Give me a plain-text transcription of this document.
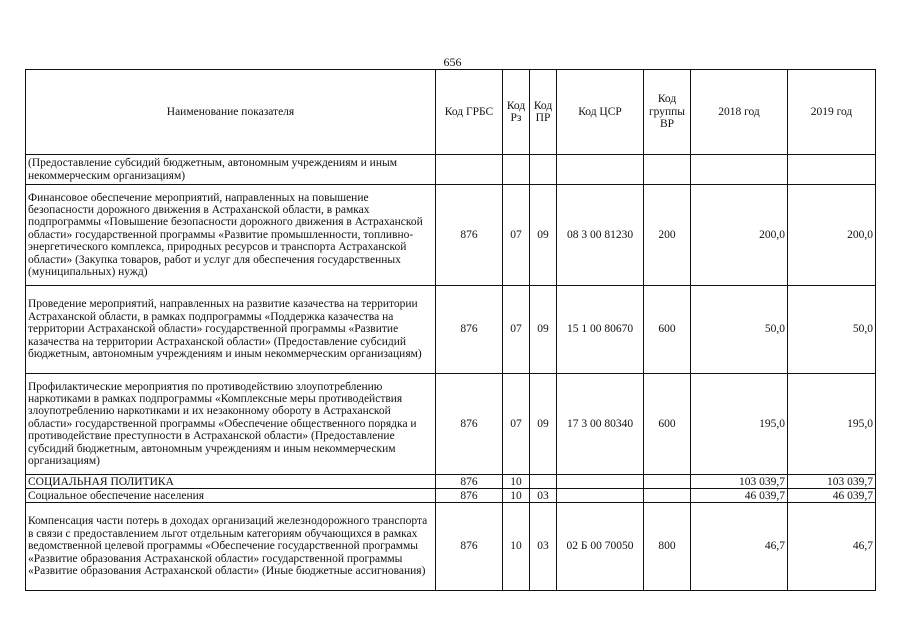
656
Наименование показателя	Код ГРБС	Код Рз	Код ПР	Код ЦСР	Код группы ВР	2018 год	2019 год
(Предоставление субсидий бюджетным, автономным учреждениям и иным некоммерческим организациям)							
Финансовое обеспечение мероприятий, направленных на повышение безопасности дорожного движения в Астраханской области, в рамках подпрограммы «Повышение безопасности дорожного движения в Астраханской области» государственной программы «Развитие промышленности, топливно-энергетического комплекса, природных ресурсов и транспорта Астраханской области» (Закупка товаров, работ и услуг для обеспечения государственных (муниципальных) нужд)	876	07	09	08 3 00 81230	200	200,0	200,0
Проведение мероприятий, направленных на развитие казачества на территории Астраханской области, в рамках подпрограммы «Поддержка казачества на территории Астраханской области» государственной программы «Развитие казачества на территории Астраханской области» (Предоставление субсидий бюджетным, автономным учреждениям и иным некоммерческим организациям)	876	07	09	15 1 00 80670	600	50,0	50,0
Профилактические мероприятия по противодействию злоупотреблению наркотиками в рамках подпрограммы «Комплексные меры противодействия злоупотреблению наркотиками и их незаконному обороту в Астраханской области» государственной программы «Обеспечение общественного порядка и противодействие преступности в Астраханской области» (Предоставление субсидий бюджетным, автономным учреждениям и иным некоммерческим организациям)	876	07	09	17 3 00 80340	600	195,0	195,0
СОЦИАЛЬНАЯ ПОЛИТИКА	876	10				103 039,7	103 039,7
Социальное обеспечение населения	876	10	03			46 039,7	46 039,7
Компенсация части потерь в доходах организаций железнодорожного транспорта в связи с предоставлением льгот отдельным категориям обучающихся в рамках ведомственной целевой программы «Обеспечение государственной программы «Развитие образования Астраханской области» государственной программы «Развитие образования Астраханской области» (Иные бюджетные ассигнования)	876	10	03	02 Б 00 70050	800	46,7	46,7
